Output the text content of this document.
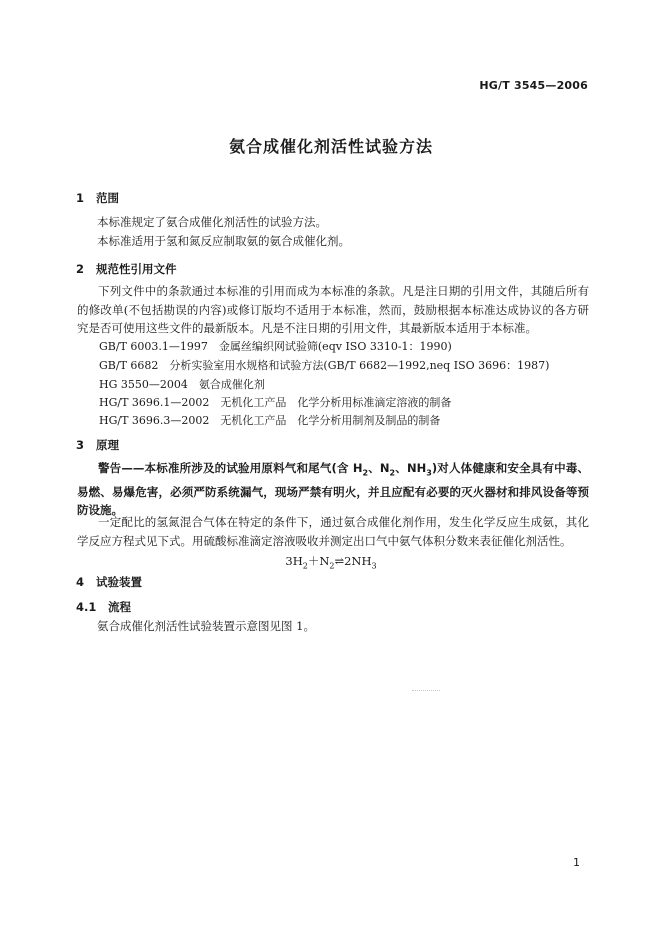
HG/T 3545—2006
氨合成催化剂活性试验方法
1 范围
本标准规定了氨合成催化剂活性的试验方法。
本标准适用于氢和氮反应制取氨的氨合成催化剂。
2 规范性引用文件
下列文件中的条款通过本标准的引用而成为本标准的条款。凡是注日期的引用文件，其随后所有的修改单(不包括勘误的内容)或修订版均不适用于本标准，然而，鼓励根据本标准达成协议的各方研究是否可使用这些文件的最新版本。凡是不注日期的引用文件，其最新版本适用于本标准。
GB/T 6003.1—1997　金属丝编织网试验筛(eqv ISO 3310-1：1990)
GB/T 6682　分析实验室用水规格和试验方法(GB/T 6682—1992,neq ISO 3696：1987)
HG 3550—2004　氨合成催化剂
HG/T 3696.1—2002　无机化工产品　化学分析用标准滴定溶液的制备
HG/T 3696.3—2002　无机化工产品　化学分析用制剂及制品的制备
3 原理
警告——本标准所涉及的试验用原料气和尾气(含 $H_2$、$N_2$、$NH_3$)对人体健康和安全具有中毒、易燃、易爆危害，必须严防系统漏气，现场严禁有明火，并且应配有必要的灭火器材和排风设备等预防设施。
一定配比的氢氮混合气体在特定的条件下，通过氨合成催化剂作用，发生化学反应生成氨，其化学反应方程式见下式。用硫酸标准滴定溶液吸收并测定出口气中氨气体积分数来表征催化剂活性。
$3H_2+N_2\rightleftharpoons 2NH_3$
4 试验装置
4.1 流程
氨合成催化剂活性试验装置示意图见图 1。
1
